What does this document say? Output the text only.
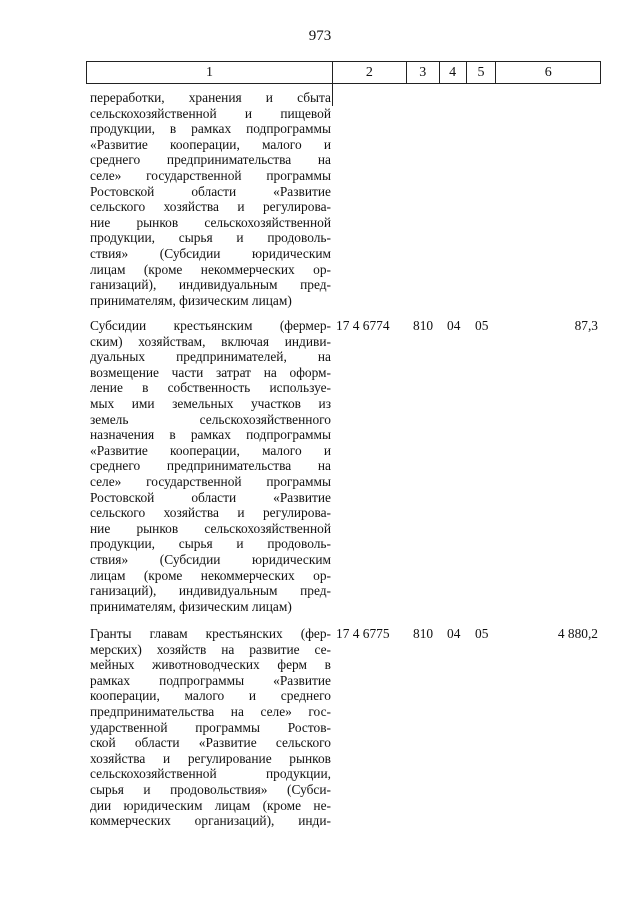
973
1	2	3	4	5	6
переработки, хранения и сбыта
сельскохозяйственной и пищевой
продукции, в рамках подпрограммы
«Развитие кооперации, малого и
среднего предпринимательства на
селе» государственной программы
Ростовской области «Развитие
сельского хозяйства и регулирова-
ние рынков сельскохозяйственной
продукции, сырья и продоволь-
ствия» (Субсидии юридическим
лицам (кроме некоммерческих ор-
ганизаций), индивидуальным пред-
принимателям, физическим лицам)
Субсидии крестьянским (фермер-
ским) хозяйствам, включая индиви-
дуальных предпринимателей, на
возмещение части затрат на оформ-
ление в собственность используе-
мых ими земельных участков из
земель сельскохозяйственного
назначения в рамках подпрограммы
«Развитие кооперации, малого и
среднего предпринимательства на
селе» государственной программы
Ростовской области «Развитие
сельского хозяйства и регулирова-
ние рынков сельскохозяйственной
продукции, сырья и продоволь-
ствия» (Субсидии юридическим
лицам (кроме некоммерческих ор-
ганизаций), индивидуальным пред-
принимателям, физическим лицам)
17 4 6774	810	04	05	87,3
Гранты главам крестьянских (фер-
мерских) хозяйств на развитие се-
мейных животноводческих ферм в
рамках подпрограммы «Развитие
кооперации, малого и среднего
предпринимательства на селе» гос-
ударственной программы Ростов-
ской области «Развитие сельского
хозяйства и регулирование рынков
сельскохозяйственной продукции,
сырья и продовольствия» (Субси-
дии юридическим лицам (кроме не-
коммерческих организаций), инди-
17 4 6775	810	04	05	4 880,2
